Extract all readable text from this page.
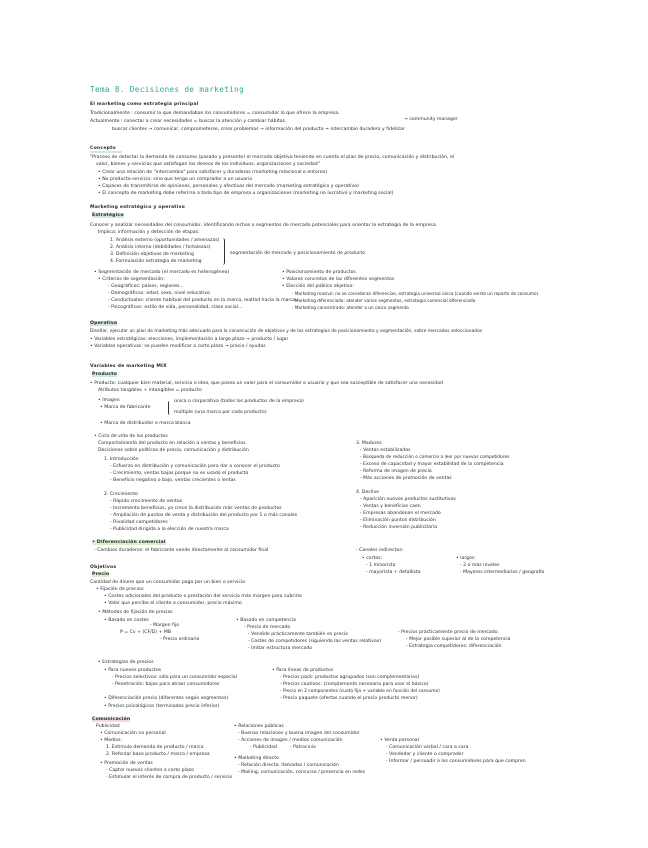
Tema 8. Decisiones de marketing
El marketing como estrategia principal
Tradicionalmente : consumir lo que demandaban los consumidores = consumidor lo que ofrece la empresa.
Actualmente : conectar a crear necesidades = buscar la atención y cambiar hábitos.	→ community manager
buscar clientes → comunicar, comprometerse, crear problemas → información del producto → intercambio duradero y fidelizar
Concepto
"Proceso de detectar la demanda de consumo (pasado y presente) el mercado objetivo teniendo en cuenta el plan de precio, comunicación y distribución, el
valor, bienes y servicios que satisfagan los deseos de los individuos, organizaciones y sociedad"
• Crear una relación de "intercambio" para satisfacer y duraderos (marketing relacional o entorno)
• No producto-servicio: sino que tengo un comprador a un usuario
• Capaces de transmitirse de opiniones, personales y afectivas del mercado (marketing estratégico y operativo)
• El concepto de marketing debe referirse a toda tipo de empresa u organizaciones (marketing no lucrativo y marketing social)
Marketing estratégico y operativo
Estratégico
Conocer y analizar necesidades del consumidor, identificando nichos o segmentos de mercado potenciales para orientar la estrategia de la empresa.
Implica: información y detección de etapas:
1. Análisis externo (oportunidades / amenazas)
2. Análisis interno (debilidades / fortalezas)
3. Definición objetivos de marketing
4. Formulación estrategia de marketing
segmentación de mercado y posicionamiento de producto
• Segmentación de mercado (el mercado es heterogéneo)
• Criterios de segmentación:
- Geográficos: países, regiones...
- Demográficos: edad, sexo, nivel educativo
- Conductuales: cliente habitual del producto en la marca, lealtad hacia la marca...
- Psicográficos: estilo de vida, personalidad, clase social...
• Posicionamiento de productos
• Valores concretos de las diferentes segmentos
• Elección del público objetivo:
- Marketing masivo: no se consideran diferencias, estrategia universal única (cuando existe un reparto de consumo)
- Marketing diferenciado: atender varios segmentos, estrategia comercial diferenciada
- Marketing concentrado: atender a un único segmento
Operativo
Diseñar, ejecutar un plan de marketing más adecuado para la consecución de objetivos y de las estrategias de posicionamiento y segmentación, sobre mercados seleccionados
• Variables estratégicas: elecciones, implementación a largo plazo → producto / lugar
• Variables operativas: se pueden modificar a corto plazo → precio / ayudas
Variables de marketing MIX
Producto
• Producto: cualquier bien material, servicio o idea, que posea un valor para el consumidor o usuario y que sea susceptible de satisfacer una necesidad
Atributos tangibles + intangibles = producto
• Imagen
• Marca de fabricante
única o corporativa (todos los productos de la empresa)
múltiple (una marca por cada producto)
• Marca de distribuidor o marca blanca
• Ciclo de vida de los productos
Comportamiento del producto en relación a ventas y beneficios
Decisiones sobre políticas de precio, comunicación y distribución
1. Introducción
- Esfuerzo en distribución y comunicación para dar a conocer el producto
- Crecimiento, ventas bajas porque no es usado el producto
- Beneficio negativo o bajo, ventas crecientes o lentas
2. Crecimiento
- Rápido crecimiento de ventas
- Incremento beneficios, ya crece la distribución más ventas de productos
- Ampliación de puntos de venta y distribución del producto por 1 o más canales
- Rivalidad competidores
- Publicidad dirigida a la elección de nuestra marca
3. Madurez
- Ventas estabilizadas
- Búsqueda de reducción o comercio a leer por nuevas competidores
- Exceso de capacidad y mayor estabilidad de la competencia
- Reforma de imagen de precio
- Más acciones de promoción de ventas
4. Declive
- Aparición nuevos productos sustitutivos
- Ventas y beneficios caen
- Empresas abandonan el mercado
- Eliminación puntos distribución
- Reducción inversión publicitaria
• Diferenciación comercial
- Cambios duraderos: el fabricante vende directamente al consumidor final	- Canales indirectos:
• cortos:
- 1 minorista
- mayorista + detallista
• largos:
- 2 o más niveles
- Mayores intermediarios / geografía
Objetivos
Precio
Cantidad de dinero que un consumidor paga por un bien o servicio
• Fijación de precios:
• Costes adicionales del producto o prestación del servicio más margen para cubrirlo
• Valor que percibe el cliente o consumidor, precio máximo
• Métodos de fijación de precios
• Basado en costes	• Basado en competencia
- Margen fijo	- Precio de mercado
- Precio ordinario
P = Cv + (CF/D) + MB	- Vendido prácticamente también es precio
- Costes de competidores (siguiendo las ventas relativas)
- Imitar estructura mercado
- Precios prácticamente precio de mercado
- Mejor posible superior al de la competencia
- Estrategia competidores: diferenciación
• Estrategias de precios
• Para nuevos productos
- Precios selectivos: sólo para un consumidor especial
- Penetración: bajos para atraer consumidores
• Diferenciación precio (diferentes según segmentos)
• Precios psicológicos (terminados precio inferior)
• Para líneas de productos
- Precios pack: productos agrupados (son complementarios)
- Precios cautivos: (complemento necesario para usar el básico)
- Precio en 2 componentes (cuota fija + variable en función del consumo)
- Precio paquete (ofertas cuando el precio producto menor)
Comunicación
Publicidad
• Comunicación no personal
• Medios:
1. Estímulo demanda de producto / marca
2. Reforzar base producto / marca / empresa
• Promoción de ventas
- Captar nuevos clientes a corto plazo
- Estimular el interés de compra de producto / servicio
• Relaciones públicas
- Buenas relaciones y buena imagen del consumidor
- Acciones de imagen / medios comunicación
- Publicidad	- Patrocinio
• Marketing directo
- Relación directa: llamadas / comunicación
- Mailing, comunicación, concurso / presencia en redes
• Venta personal
- Comunicación verbal / cara a cara
- Vendedor y cliente o comprador
- Informar / persuadir a los consumidores para que compren
